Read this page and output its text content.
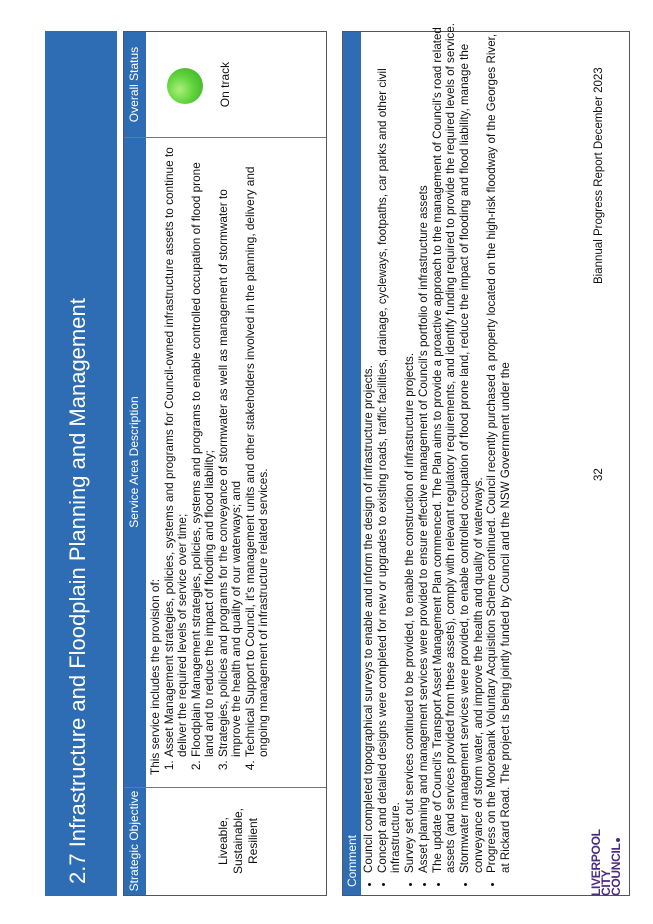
2.7 Infrastructure and Floodplain Planning and Management	Strategic Objective
Service Area Description
Overall Status
Liveable, Sustainable, Resilient
This service includes the provision of: 1. Asset Management strategies, policies, systems and programs for Council-owned infrastructure assets to continue to deliver the required levels of service over time; 2. Floodplain Management strategies, policies, systems and programs to enable controlled occupation of flood prone land and to reduce the impact of flooding and flood liability; 3. Strategies, policies and programs for the conveyance of stormwater as well as management of stormwater to improve the health and quality of our waterways; and 4. Technical Support to Council, it's management units and other stakeholders involved in the planning, delivery and ongoing management of infrastructure related services.
On track
Comment • Council completed topographical surveys to enable and inform the design of infrastructure projects. • Concept and detailed designs were completed for new or upgrades to existing roads, traffic facilities, drainage, cycleways, footpaths, car parks and other civil infrastructure. • Survey set out services continued to be provided, to enable the construction of infrastructure projects. • Asset planning and management services were provided to ensure effective management of Council's portfolio of infrastructure assets • The update of Council's Transport Asset Management Plan commenced. The Plan aims to provide a proactive approach to the management of Council's road related assets (and services provided from these assets), comply with relevant regulatory requirements, and identify funding required to provide the required levels of service. • Stormwater management services were provided, to enable controlled occupation of flood prone land, reduce the impact of flooding and flood liability, manage the conveyance of storm water, and improve the health and quality of waterways. • Progress on the Moorebank Voluntary Acquisition Scheme continued. Council recently purchased a property located on the high-risk floodway of the Georges River, at Rickard Road. The project is being jointly funded by Council and the NSW Government under the	LIVERPOOL
CITY
COUNCIL
32
Biannual Progress Report December 2023
